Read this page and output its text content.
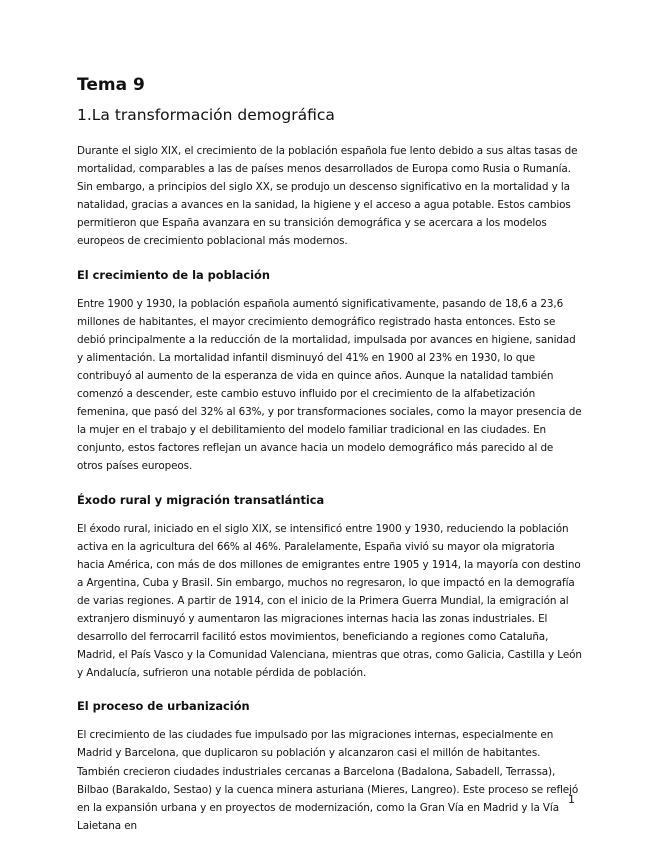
Tema 9
1.La transformación demográfica

Durante el siglo XIX, el crecimiento de la población española fue lento debido a sus altas tasas de mortalidad, comparables a las de países menos desarrollados de Europa como Rusia o Rumanía. Sin embargo, a principios del siglo XX, se produjo un descenso significativo en la mortalidad y la natalidad, gracias a avances en la sanidad, la higiene y el acceso a agua potable. Estos cambios permitieron que España avanzara en su transición demográfica y se acercara a los modelos europeos de crecimiento poblacional más modernos.

El crecimiento de la población

Entre 1900 y 1930, la población española aumentó significativamente, pasando de 18,6 a 23,6 millones de habitantes, el mayor crecimiento demográfico registrado hasta entonces. Esto se debió principalmente a la reducción de la mortalidad, impulsada por avances en higiene, sanidad y alimentación. La mortalidad infantil disminuyó del 41% en 1900 al 23% en 1930, lo que contribuyó al aumento de la esperanza de vida en quince años. Aunque la natalidad también comenzó a descender, este cambio estuvo influido por el crecimiento de la alfabetización femenina, que pasó del 32% al 63%, y por transformaciones sociales, como la mayor presencia de la mujer en el trabajo y el debilitamiento del modelo familiar tradicional en las ciudades. En conjunto, estos factores reflejan un avance hacia un modelo demográfico más parecido al de otros países europeos.

Éxodo rural y migración transatlántica

El éxodo rural, iniciado en el siglo XIX, se intensificó entre 1900 y 1930, reduciendo la población activa en la agricultura del 66% al 46%. Paralelamente, España vivió su mayor ola migratoria hacia América, con más de dos millones de emigrantes entre 1905 y 1914, la mayoría con destino a Argentina, Cuba y Brasil. Sin embargo, muchos no regresaron, lo que impactó en la demografía de varias regiones. A partir de 1914, con el inicio de la Primera Guerra Mundial, la emigración al extranjero disminuyó y aumentaron las migraciones internas hacia las zonas industriales. El desarrollo del ferrocarril facilitó estos movimientos, beneficiando a regiones como Cataluña, Madrid, el País Vasco y la Comunidad Valenciana, mientras que otras, como Galicia, Castilla y León y Andalucía, sufrieron una notable pérdida de población.

El proceso de urbanización

El crecimiento de las ciudades fue impulsado por las migraciones internas, especialmente en Madrid y Barcelona, que duplicaron su población y alcanzaron casi el millón de habitantes. También crecieron ciudades industriales cercanas a Barcelona (Badalona, Sabadell, Terrassa), Bilbao (Barakaldo, Sestao) y la cuenca minera asturiana (Mieres, Langreo). Este proceso se reflejó en la expansión urbana y en proyectos de modernización, como la Gran Vía en Madrid y la Vía Laietana en

1
